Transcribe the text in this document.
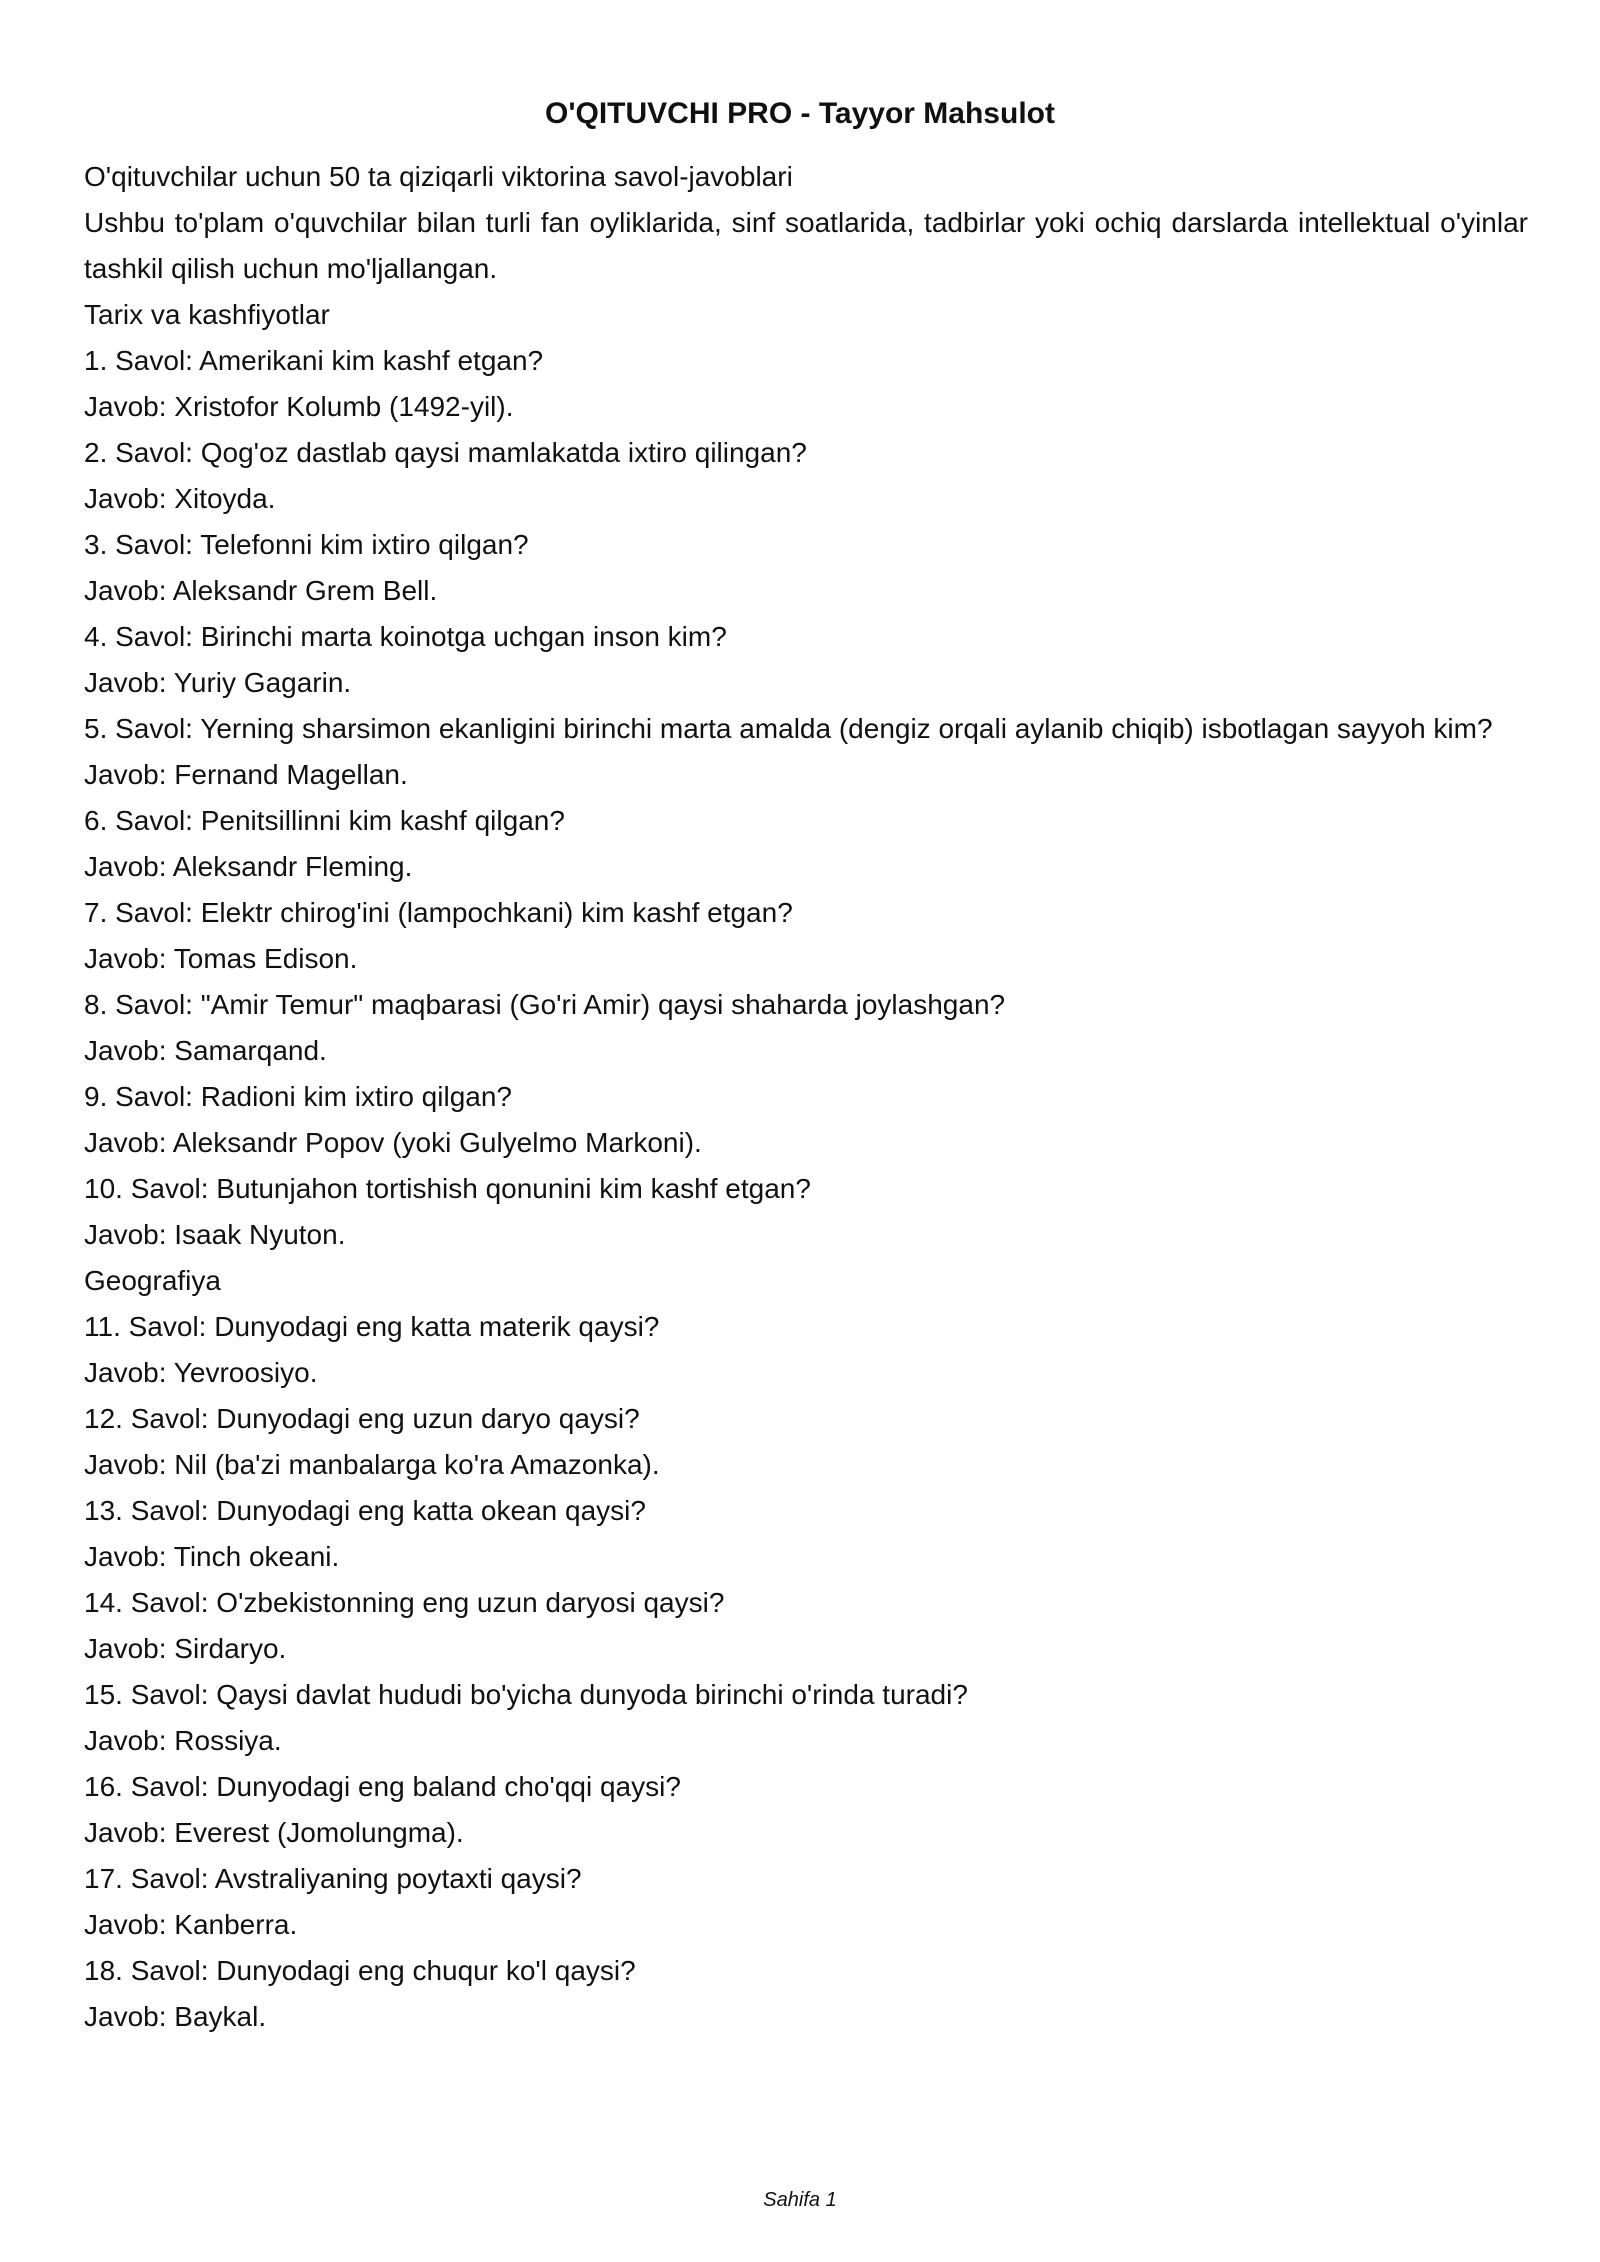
O'QITUVCHI PRO - Tayyor Mahsulot

O'qituvchilar uchun 50 ta qiziqarli viktorina savol-javoblari

Ushbu to'plam o'quvchilar bilan turli fan oyliklarida, sinf soatlarida, tadbirlar yoki ochiq darslarda intellektual o'yinlar tashkil qilish uchun mo'ljallangan.

Tarix va kashfiyotlar

1. Savol: Amerikani kim kashf etgan?

Javob: Xristofor Kolumb (1492-yil).

2. Savol: Qog'oz dastlab qaysi mamlakatda ixtiro qilingan?

Javob: Xitoyda.

3. Savol: Telefonni kim ixtiro qilgan?

Javob: Aleksandr Grem Bell.

4. Savol: Birinchi marta koinotga uchgan inson kim?

Javob: Yuriy Gagarin.

5. Savol: Yerning sharsimon ekanligini birinchi marta amalda (dengiz orqali aylanib chiqib) isbotlagan sayyoh kim?

Javob: Fernand Magellan.

6. Savol: Penitsillinni kim kashf qilgan?

Javob: Aleksandr Fleming.

7. Savol: Elektr chirog'ini (lampochkani) kim kashf etgan?

Javob: Tomas Edison.

8. Savol: "Amir Temur" maqbarasi (Go'ri Amir) qaysi shaharda joylashgan?

Javob: Samarqand.

9. Savol: Radioni kim ixtiro qilgan?

Javob: Aleksandr Popov (yoki Gulyelmo Markoni).

10. Savol: Butunjahon tortishish qonunini kim kashf etgan?

Javob: Isaak Nyuton.

Geografiya

11. Savol: Dunyodagi eng katta materik qaysi?

Javob: Yevroosiyo.

12. Savol: Dunyodagi eng uzun daryo qaysi?

Javob: Nil (ba'zi manbalarga ko'ra Amazonka).

13. Savol: Dunyodagi eng katta okean qaysi?

Javob: Tinch okeani.

14. Savol: O'zbekistonning eng uzun daryosi qaysi?

Javob: Sirdaryo.

15. Savol: Qaysi davlat hududi bo'yicha dunyoda birinchi o'rinda turadi?

Javob: Rossiya.

16. Savol: Dunyodagi eng baland cho'qqi qaysi?

Javob: Everest (Jomolungma).

17. Savol: Avstraliyaning poytaxti qaysi?

Javob: Kanberra.

18. Savol: Dunyodagi eng chuqur ko'l qaysi?

Javob: Baykal.

Sahifa 1
